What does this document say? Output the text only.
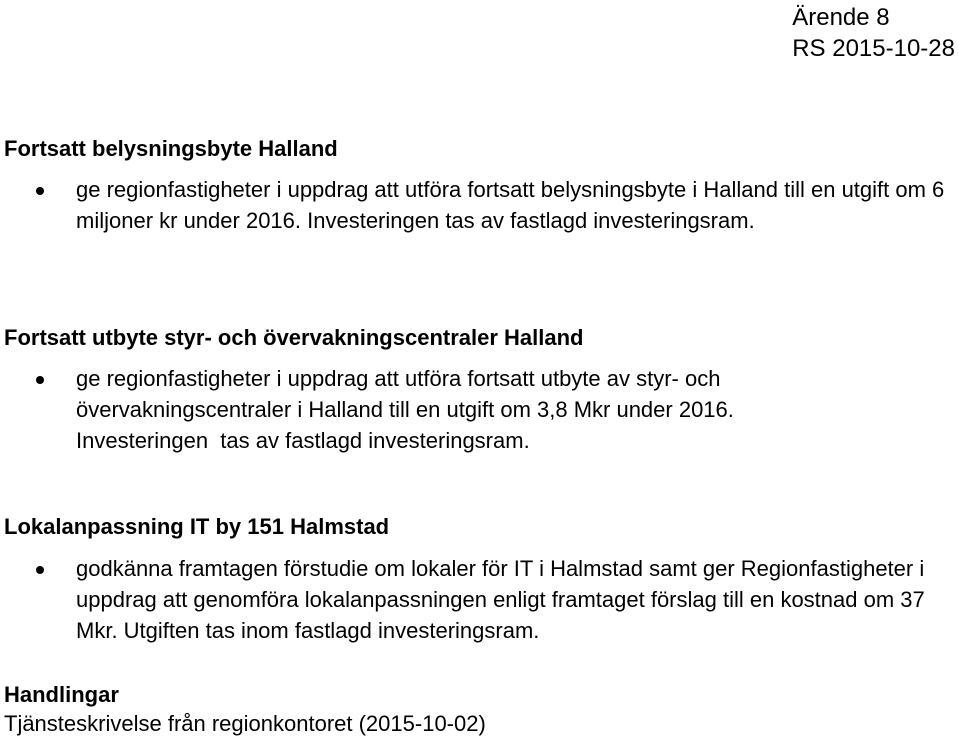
Ärende 8
RS 2015-10-28
Fortsatt belysningsbyte Halland
ge regionfastigheter i uppdrag att utföra fortsatt belysningsbyte i Halland till en utgift om 6 miljoner kr under 2016. Investeringen tas av fastlagd investeringsram.
Fortsatt utbyte styr- och övervakningscentraler Halland
ge regionfastigheter i uppdrag att utföra fortsatt utbyte av styr- och övervakningscentraler i Halland till en utgift om 3,8 Mkr under 2016. Investeringen  tas av fastlagd investeringsram.
Lokalanpassning IT by 151 Halmstad
godkänna framtagen förstudie om lokaler för IT i Halmstad samt ger Regionfastigheter i uppdrag att genomföra lokalanpassningen enligt framtaget förslag till en kostnad om 37 Mkr. Utgiften tas inom fastlagd investeringsram.
Handlingar
Tjänsteskrivelse från regionkontoret (2015-10-02)
